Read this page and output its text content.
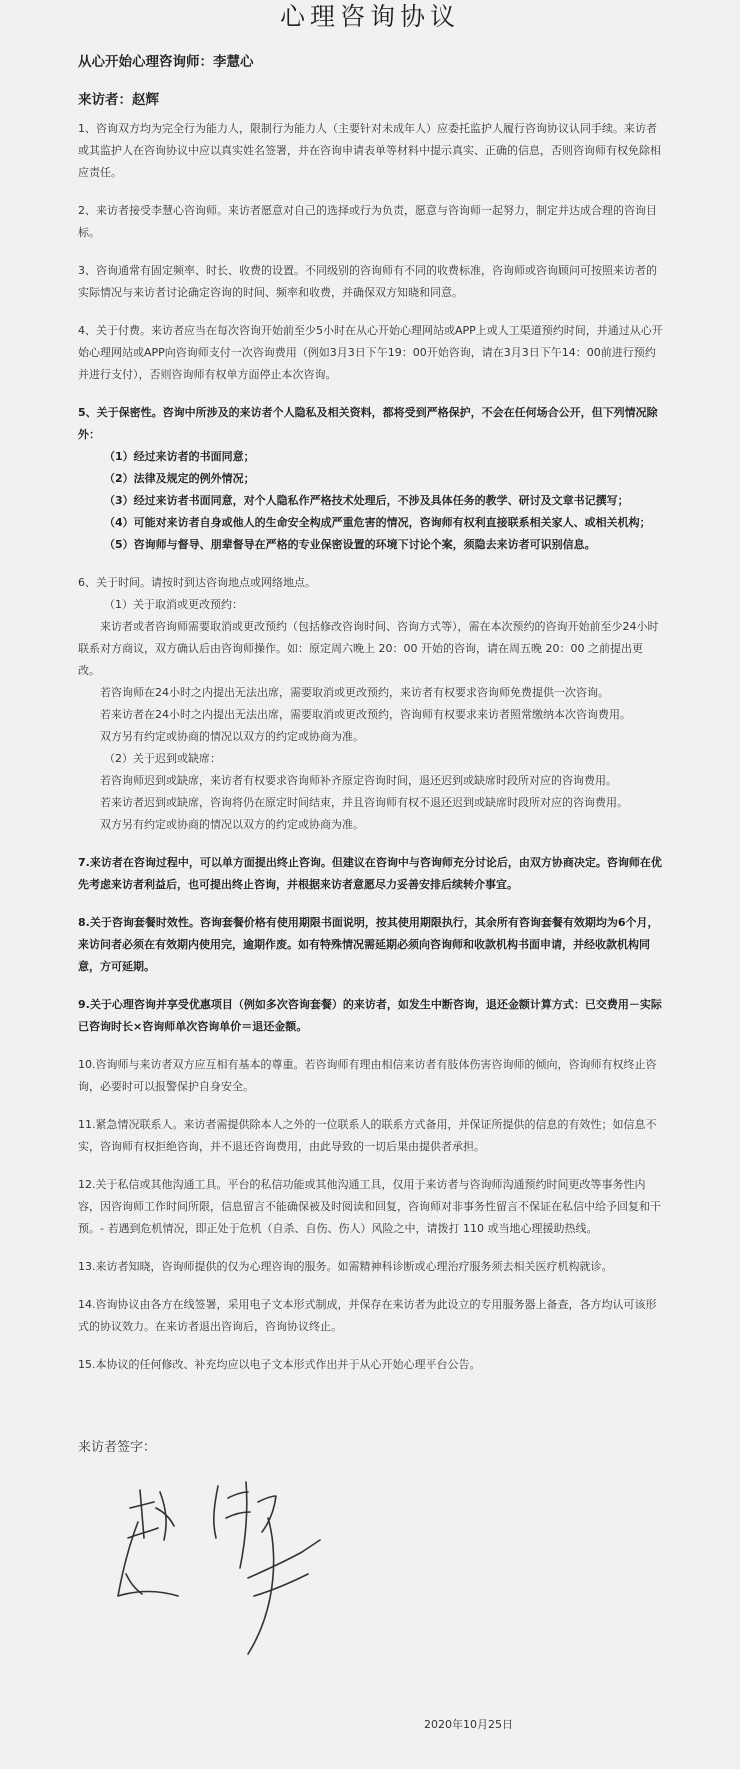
心理咨询协议
从心开始心理咨询师：李慧心
来访者：赵辉

1、咨询双方均为完全行为能力人，限制行为能力人（主要针对未成年人）应委托监护人履行咨询协议认同手续。来访者或其监护人在咨询协议中应以真实姓名签署，并在咨询申请表单等材料中提示真实、正确的信息，否则咨询师有权免除相应责任。

2、来访者接受李慧心咨询师。来访者愿意对自己的选择或行为负责，愿意与咨询师一起努力，制定并达成合理的咨询目标。

3、咨询通常有固定频率、时长、收费的设置。不同级别的咨询师有不同的收费标准，咨询师或咨询顾问可按照来访者的实际情况与来访者讨论确定咨询的时间、频率和收费，并确保双方知晓和同意。

4、关于付费。来访者应当在每次咨询开始前至少5小时在从心开始心理网站或APP上或人工渠道预约时间，并通过从心开始心理网站或APP向咨询师支付一次咨询费用（例如3月3日下午19：00开始咨询，请在3月3日下午14：00前进行预约并进行支付），否则咨询师有权单方面停止本次咨询。

5、关于保密性。咨询中所涉及的来访者个人隐私及相关资料，都将受到严格保护，不会在任何场合公开，但下列情况除外：

（1）经过来访者的书面同意；

（2）法律及规定的例外情况；

（3）经过来访者书面同意，对个人隐私作严格技术处理后，不涉及具体任务的教学、研讨及文章书记撰写；

（4）可能对来访者自身或他人的生命安全构成严重危害的情况，咨询师有权利直接联系相关家人、或相关机构；

（5）咨询师与督导、朋辈督导在严格的专业保密设置的环境下讨论个案，须隐去来访者可识别信息。

6、关于时间。请按时到达咨询地点或网络地点。

（1）关于取消或更改预约：

来访者或者咨询师需要取消或更改预约（包括修改咨询时间、咨询方式等），需在本次预约的咨询开始前至少24小时联系对方商议，双方确认后由咨询师操作。如：原定周六晚上 20：00 开始的咨询，请在周五晚 20：00 之前提出更改。

若咨询师在24小时之内提出无法出席，需要取消或更改预约，来访者有权要求咨询师免费提供一次咨询。

若来访者在24小时之内提出无法出席，需要取消或更改预约，咨询师有权要求来访者照常缴纳本次咨询费用。

双方另有约定或协商的情况以双方的约定或协商为准。

（2）关于迟到或缺席：

若咨询师迟到或缺席，来访者有权要求咨询师补齐原定咨询时间，退还迟到或缺席时段所对应的咨询费用。

若来访者迟到或缺席，咨询将仍在原定时间结束，并且咨询师有权不退还迟到或缺席时段所对应的咨询费用。

双方另有约定或协商的情况以双方的约定或协商为准。

7.来访者在咨询过程中，可以单方面提出终止咨询。但建议在咨询中与咨询师充分讨论后，由双方协商决定。咨询师在优先考虑来访者利益后，也可提出终止咨询，并根据来访者意愿尽力妥善安排后续转介事宜。

8.关于咨询套餐时效性。咨询套餐价格有使用期限书面说明，按其使用期限执行，其余所有咨询套餐有效期均为6个月，来访问者必须在有效期内使用完，逾期作废。如有特殊情况需延期必须向咨询师和收款机构书面申请，并经收款机构同意，方可延期。

9.关于心理咨询并享受优惠项目（例如多次咨询套餐）的来访者，如发生中断咨询，退还金额计算方式：已交费用－实际已咨询时长×咨询师单次咨询单价＝退还金额。

10.咨询师与来访者双方应互相有基本的尊重。若咨询师有理由相信来访者有肢体伤害咨询师的倾向，咨询师有权终止咨询，必要时可以报警保护自身安全。

11.紧急情况联系人。来访者需提供除本人之外的一位联系人的联系方式备用，并保证所提供的信息的有效性；如信息不实，咨询师有权拒绝咨询，并不退还咨询费用，由此导致的一切后果由提供者承担。

12.关于私信或其他沟通工具。平台的私信功能或其他沟通工具，仅用于来访者与咨询师沟通预约时间更改等事务性内容，因咨询师工作时间所限，信息留言不能确保被及时阅读和回复，咨询师对非事务性留言不保证在私信中给予回复和干预。- 若遇到危机情况，即正处于危机（自杀、自伤、伤人）风险之中，请拨打 110 或当地心理援助热线。

13.来访者知晓，咨询师提供的仅为心理咨询的服务。如需精神科诊断或心理治疗服务须去相关医疗机构就诊。

14.咨询协议由各方在线签署，采用电子文本形式制成，并保存在来访者为此设立的专用服务器上备查，各方均认可该形式的协议效力。在来访者退出咨询后，咨询协议终止。

15.本协议的任何修改、补充均应以电子文本形式作出并于从心开始心理平台公告。

来访者签字：
2020年10月25日
